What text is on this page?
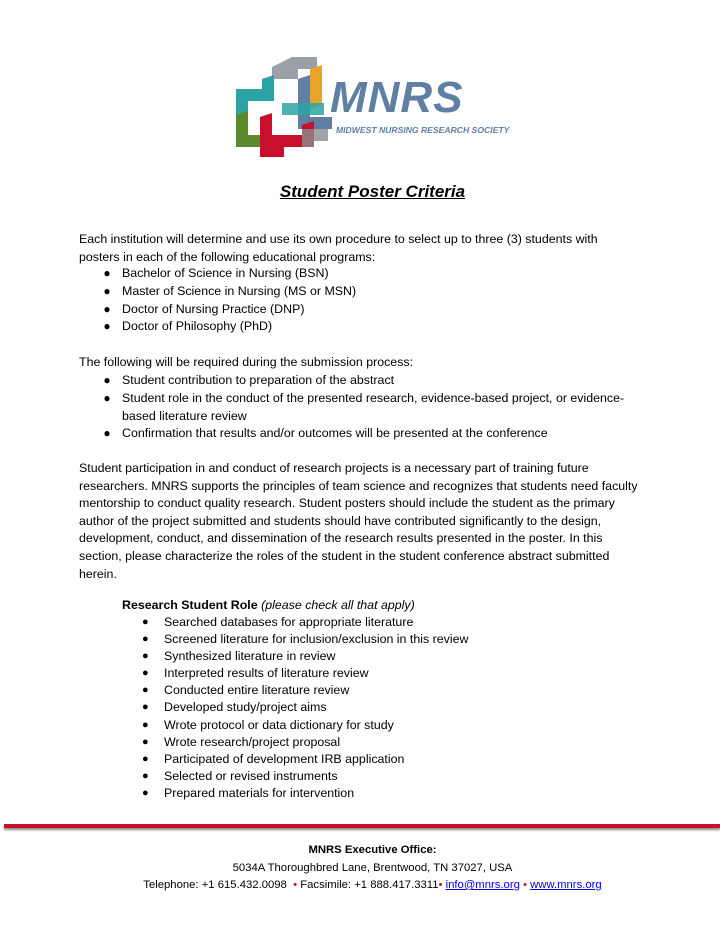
MNRS
MIDWEST NURSING RESEARCH SOCIETY
Student Poster Criteria
Each institution will determine and use its own procedure to select up to three (3) students with
posters in each of the following educational programs:
● Bachelor of Science in Nursing (BSN)
● Master of Science in Nursing (MS or MSN)
● Doctor of Nursing Practice (DNP)
● Doctor of Philosophy (PhD)
The following will be required during the submission process:
● Student contribution to preparation of the abstract
● Student role in the conduct of the presented research, evidence-based project, or evidence-
based literature review
● Confirmation that results and/or outcomes will be presented at the conference
Student participation in and conduct of research projects is a necessary part of training future
researchers. MNRS supports the principles of team science and recognizes that students need faculty
mentorship to conduct quality research. Student posters should include the student as the primary
author of the project submitted and students should have contributed significantly to the design,
development, conduct, and dissemination of the research results presented in the poster. In this
section, please characterize the roles of the student in the student conference abstract submitted
herein.
Research Student Role (please check all that apply)
● Searched databases for appropriate literature
● Screened literature for inclusion/exclusion in this review
● Synthesized literature in review
● Interpreted results of literature review
● Conducted entire literature review
● Developed study/project aims
● Wrote protocol or data dictionary for study
● Wrote research/project proposal
● Participated of development IRB application
● Selected or revised instruments
● Prepared materials for intervention
MNRS Executive Office:
5034A Thoroughbred Lane, Brentwood, TN 37027, USA
Telephone: +1 615.432.0098 • Facsimile: +1 888.417.3311• info@mnrs.org • www.mnrs.org
